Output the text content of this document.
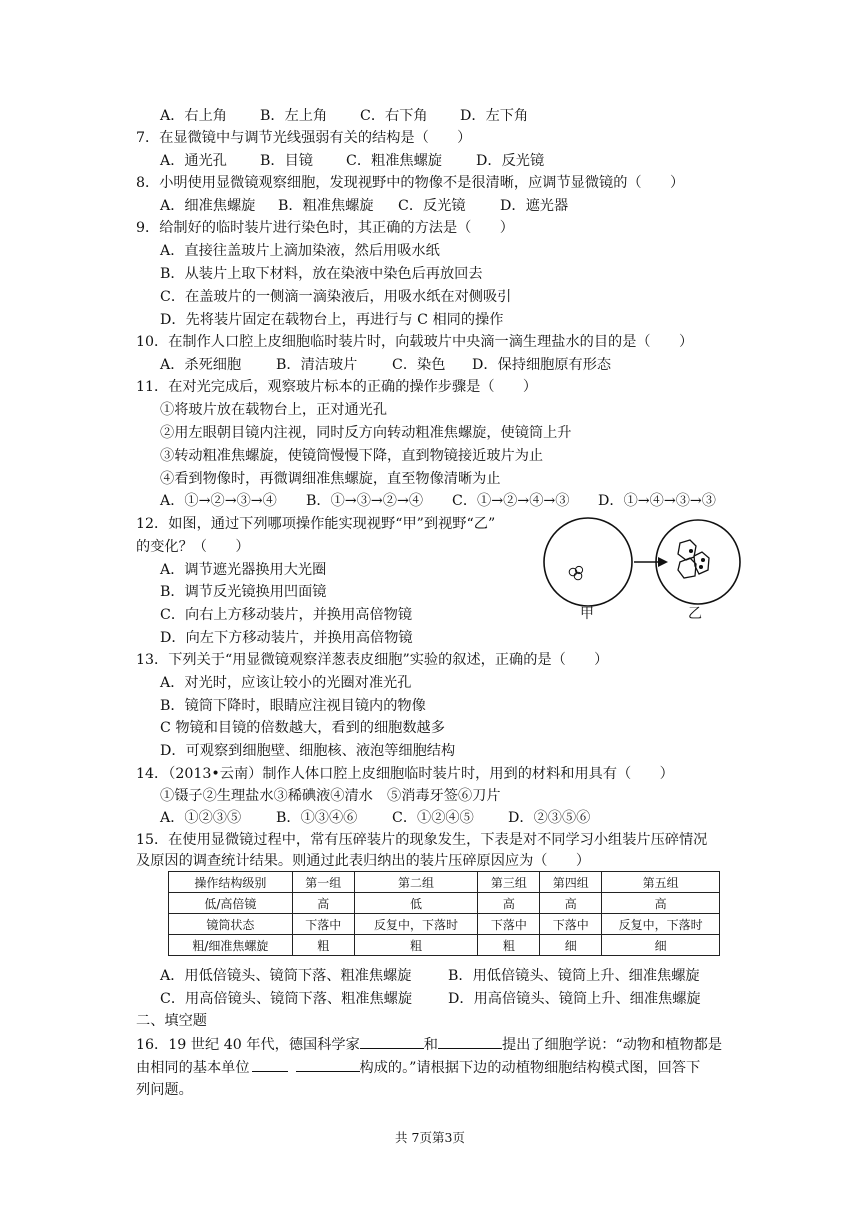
A．右上角 B．左上角 C．右下角 D．左下角
7．在显微镜中与调节光线强弱有关的结构是（　　）
A．通光孔 B．目镜 C．粗准焦螺旋 D．反光镜
8．小明使用显微镜观察细胞，发现视野中的物像不是很清晰，应调节显微镜的（　　）
A．细准焦螺旋 B．粗准焦螺旋 C．反光镜 D．遮光器
9．给制好的临时装片进行染色时，其正确的方法是（　　）
A．直接往盖玻片上滴加染液，然后用吸水纸
B．从装片上取下材料，放在染液中染色后再放回去
C．在盖玻片的一侧滴一滴染液后，用吸水纸在对侧吸引
D．先将装片固定在载物台上，再进行与 C 相同的操作
10．在制作人口腔上皮细胞临时装片时，向载玻片中央滴一滴生理盐水的目的是（　　）
A．杀死细胞 B．清洁玻片 C．染色 D．保持细胞原有形态
11．在对光完成后，观察玻片标本的正确的操作步骤是（　　）
①将玻片放在载物台上，正对通光孔
②用左眼朝目镜内注视，同时反方向转动粗准焦螺旋，使镜筒上升
③转动粗准焦螺旋，使镜筒慢慢下降，直到物镜接近玻片为止
④看到物像时，再微调细准焦螺旋，直至物像清晰为止
A．①→②→③→④ B．①→③→②→④ C．①→②→④→③ D．①→④→③→③
12．如图，通过下列哪项操作能实现视野“甲”到视野“乙”
的变化？（　　）
A．调节遮光器换用大光圈
B．调节反光镜换用凹面镜
C．向右上方移动装片，并换用高倍物镜
D．向左下方移动装片，并换用高倍物镜
甲	乙
13．下列关于“用显微镜观察洋葱表皮细胞”实验的叙述，正确的是（　　）
A．对光时，应该让较小的光圈对准光孔
B．镜筒下降时，眼睛应注视目镜内的物像
C 物镜和目镜的倍数越大，看到的细胞数越多
D．可观察到细胞壁、细胞核、液泡等细胞结构
14．（2013•云南）制作人体口腔上皮细胞临时装片时，用到的材料和用具有（　　）
①镊子②生理盐水③稀碘液④清水　⑤消毒牙签⑥刀片
A．①②③⑤ B．①③④⑥ C．①②④⑤ D．②③⑤⑥
15．在使用显微镜过程中，常有压碎装片的现象发生，下表是对不同学习小组装片压碎情况
及原因的调查统计结果。则通过此表归纳出的装片压碎原因应为（　　）
操作结构级别	第一组	第二组	第三组	第四组	第五组
低/高倍镜	高	低	高	高	高
镜筒状态	下落中	反复中，下落时	下落中	下落中	反复中，下落时
粗/细准焦螺旋	粗	粗	粗	细	细
A．用低倍镜头、镜筒下落、粗准焦螺旋	B．用低倍镜头、镜筒上升、细准焦螺旋
C．用高倍镜头、镜筒下落、粗准焦螺旋	D．用高倍镜头、镜筒上升、细准焦螺旋
二、填空题
16．19 世纪 40 年代，德国科学家	和	提出了细胞学说：“动物和植物都是
由相同的基本单位	构成的。”请根据下边的动植物细胞结构模式图，回答下
列问题。
共 7页第3页
